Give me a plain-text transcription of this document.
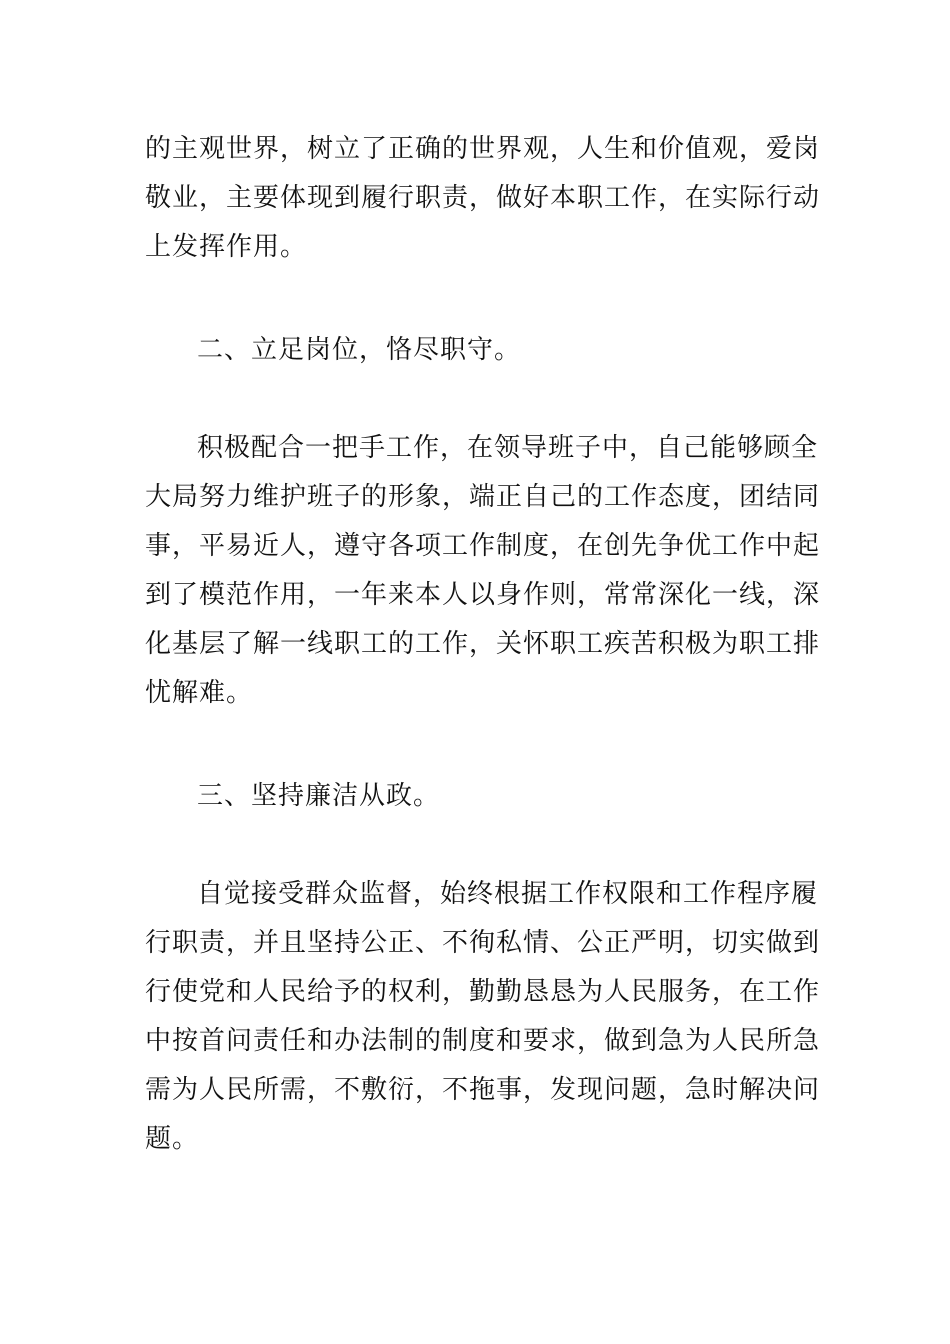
的主观世界，树立了正确的世界观，人生和价值观，爱岗
敬业，主要体现到履行职责，做好本职工作，在实际行动
上发挥作用。
二、立足岗位，恪尽职守。
积极配合一把手工作，在领导班子中，自己能够顾全
大局努力维护班子的形象，端正自己的工作态度，团结同
事，平易近人，遵守各项工作制度，在创先争优工作中起
到了模范作用，一年来本人以身作则，常常深化一线，深
化基层了解一线职工的工作，关怀职工疾苦积极为职工排
忧解难。
三、坚持廉洁从政。
自觉接受群众监督，始终根据工作权限和工作程序履
行职责，并且坚持公正、不徇私情、公正严明，切实做到
行使党和人民给予的权利，勤勤恳恳为人民服务，在工作
中按首问责任和办法制的制度和要求，做到急为人民所急
需为人民所需，不敷衍，不拖事，发现问题，急时解决问
题。
